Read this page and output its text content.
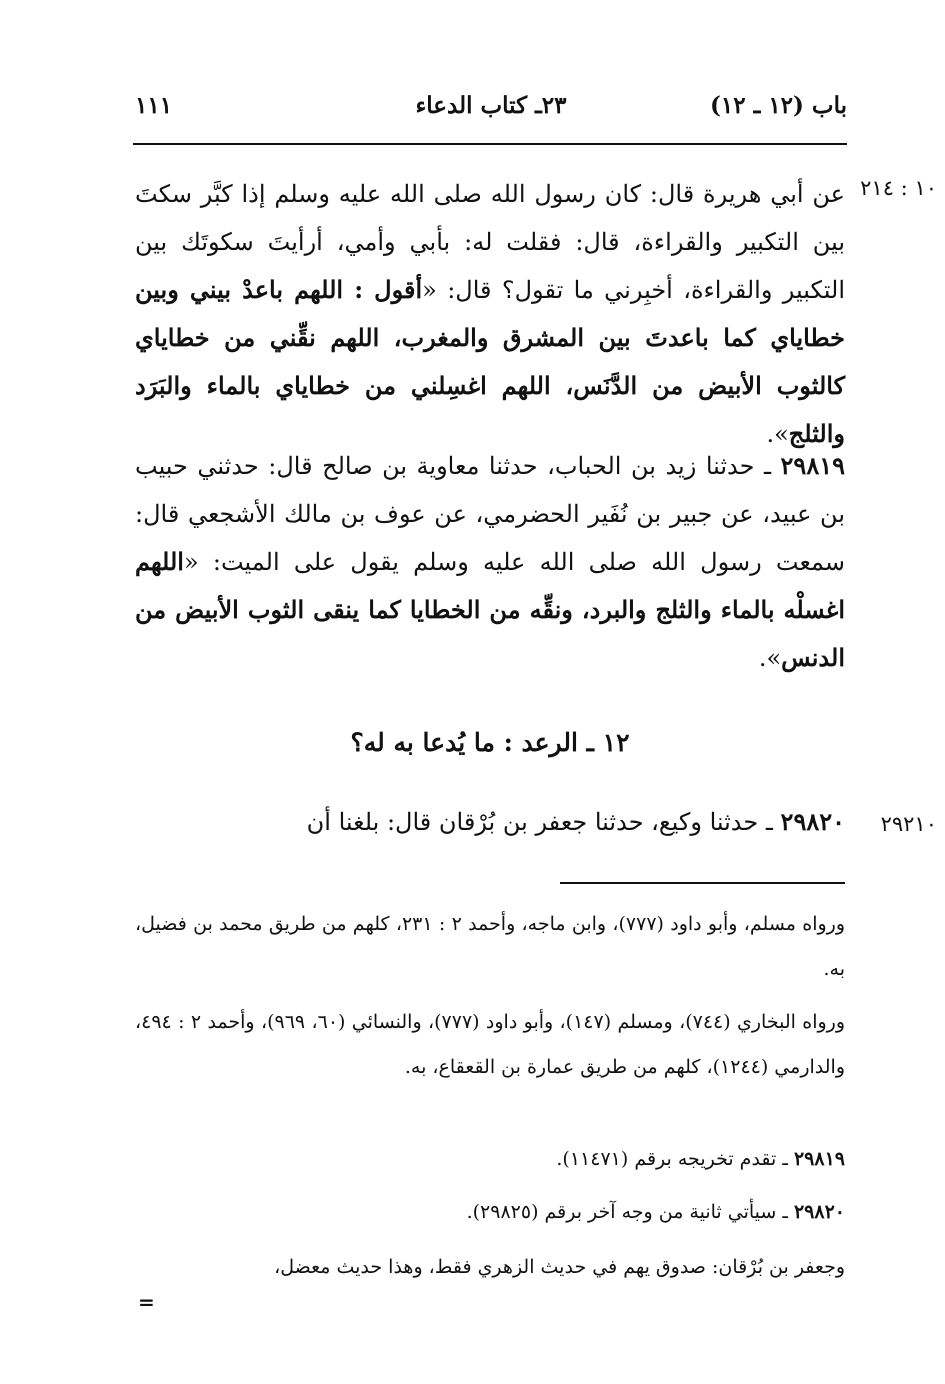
باب (١٢ ـ ١٢)
٢٣ـ كتاب الدعاء
١١١
١٠ : ٢١٤
عن أبي هريرة قال: كان رسول الله صلى الله عليه وسلم إذا كبَّر سكتَ بين التكبير والقراءة، قال: فقلت له: بأبي وأمي، أرأيتَ سكوتَك بين التكبير والقراءة، أخبِرني ما تقول؟ قال: «أقول : اللهم باعدْ بيني وبين خطاياي كما باعدتَ بين المشرق والمغرب، اللهم نقِّني من خطاياي كالثوب الأبيض من الدَّنَس، اللهم اغسِلني من خطاياي بالماء والبَرَد والثلج».
٢٩٨١٩ ـ حدثنا زيد بن الحباب، حدثنا معاوية بن صالح قال: حدثني حبيب بن عبيد، عن جبير بن نُفَير الحضرمي، عن عوف بن مالك الأشجعي قال: سمعت رسول الله صلى الله عليه وسلم يقول على الميت: «اللهم اغسلْه بالماء والثلج والبرد، ونقِّه من الخطايا كما ينقى الثوب الأبيض من الدنس».
١٢ ـ الرعد : ما يُدعا به له؟
٢٩٢١٠
٢٩٨٢٠ ـ حدثنا وكيع، حدثنا جعفر بن بُرْقان قال: بلغنا أن
ورواه مسلم، وأبو داود (٧٧٧)، وابن ماجه، وأحمد ٢ : ٢٣١، كلهم من طريق محمد بن فضيل، به.
ورواه البخاري (٧٤٤)، ومسلم (١٤٧)، وأبو داود (٧٧٧)، والنسائي (٦٠، ٩٦٩)، وأحمد ٢ : ٤٩٤، والدارمي (١٢٤٤)، كلهم من طريق عمارة بن القعقاع، به.
٢٩٨١٩ ـ تقدم تخريجه برقم (١١٤٧١).
٢٩٨٢٠ ـ سيأتي ثانية من وجه آخر برقم (٢٩٨٢٥).
وجعفر بن بُرْقان: صدوق يهم في حديث الزهري فقط، وهذا حديث معضل،
=
